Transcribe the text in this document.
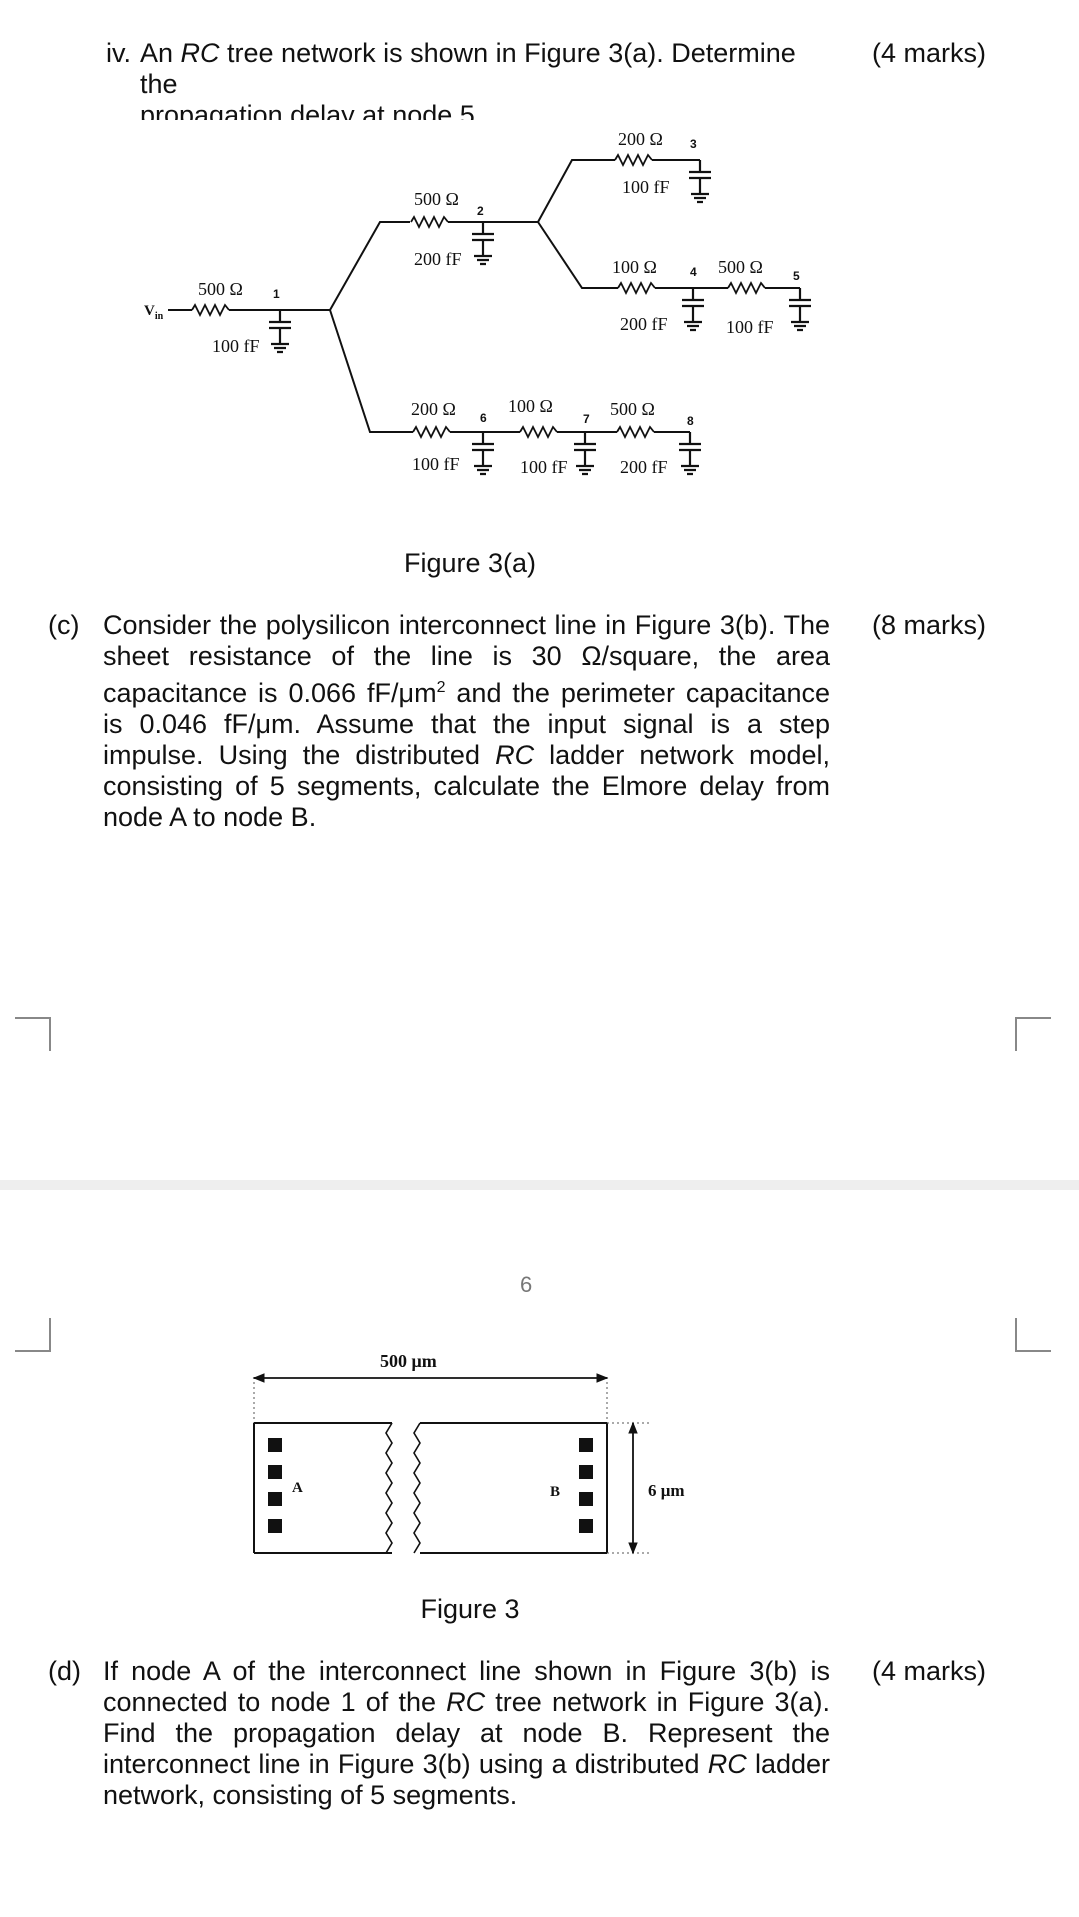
iv. An RC tree network is shown in Figure 3(a). Determine the
propagation delay at node 5.
(4 marks)
$V_{in}$
500 Ω	1
100 fF
500 Ω
2
200 fF
200 Ω 3
100 fF
100 Ω	4
200 fF
500 Ω	5
100 fF
200 Ω 6
100 fF
100 Ω
7
100 fF
500 Ω
8
200 fF
Figure 3(a)
(c) Consider the polysilicon interconnect line in Figure 3(b). The sheet resistance of the line is 30 Ω/square, the area capacitance is 0.066 $fF/\mu m^2$ and the perimeter capacitance is 0.046 fF/μm. Assume that the input signal is a step impulse. Using the distributed RC ladder network model, consisting of 5 segments, calculate the Elmore delay from node A to node B.
(8 marks)
6
500 μm
A	B	6 μm
Figure 3
(d) If node A of the interconnect line shown in Figure 3(b) is connected to node 1 of the RC tree network in Figure 3(a). Find the propagation delay at node B. Represent the interconnect line in Figure 3(b) using a distributed RC ladder network, consisting of 5 segments.
(4 marks)
